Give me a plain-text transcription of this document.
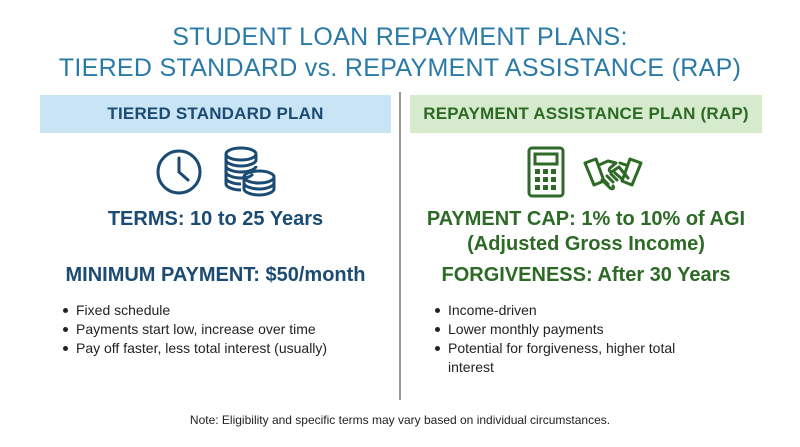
STUDENT LOAN REPAYMENT PLANS:
TIERED STANDARD vs. REPAYMENT ASSISTANCE (RAP)
TIERED STANDARD PLAN
TERMS: 10 to 25 Years
MINIMUM PAYMENT: $50/month
Fixed schedule
Payments start low, increase over time
Pay off faster, less total interest (usually)
REPAYMENT ASSISTANCE PLAN (RAP)
PAYMENT CAP: 1% to 10% of AGI
(Adjusted Gross Income)
FORGIVENESS: After 30 Years
Income-driven
Lower monthly payments
Potential for forgiveness, higher total
interest
Note: Eligibility and specific terms may vary based on individual circumstances.
